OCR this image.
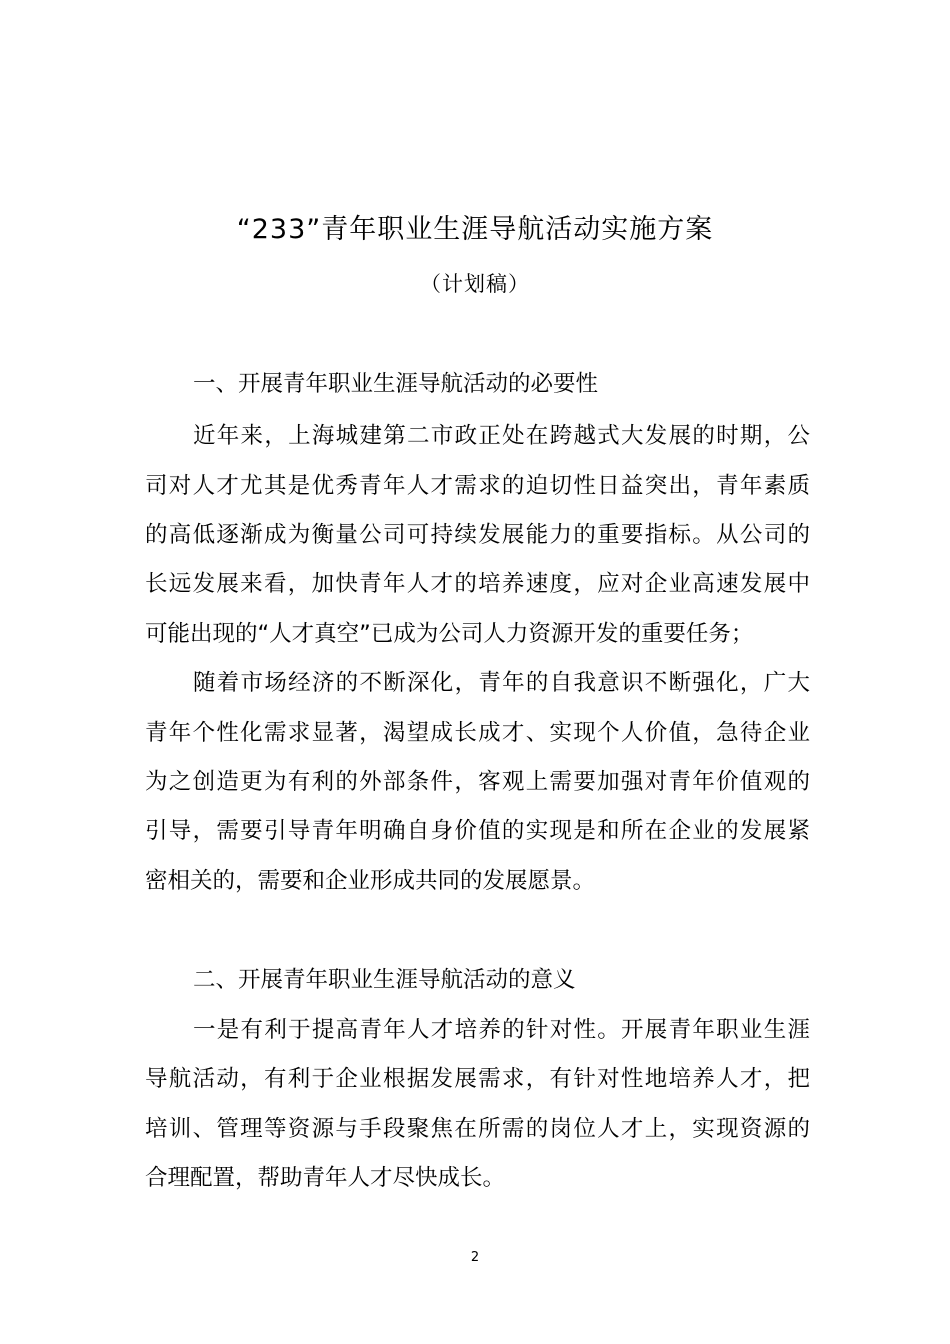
“233”青年职业生涯导航活动实施方案
（计划稿）
一、开展青年职业生涯导航活动的必要性
近年来，上海城建第二市政正处在跨越式大发展的时期，公
司对人才尤其是优秀青年人才需求的迫切性日益突出，青年素质
的高低逐渐成为衡量公司可持续发展能力的重要指标。从公司的
长远发展来看，加快青年人才的培养速度，应对企业高速发展中
可能出现的“人才真空”已成为公司人力资源开发的重要任务；
随着市场经济的不断深化，青年的自我意识不断强化，广大
青年个性化需求显著，渴望成长成才、实现个人价值，急待企业
为之创造更为有利的外部条件，客观上需要加强对青年价值观的
引导，需要引导青年明确自身价值的实现是和所在企业的发展紧
密相关的，需要和企业形成共同的发展愿景。
二、开展青年职业生涯导航活动的意义
一是有利于提高青年人才培养的针对性。开展青年职业生涯
导航活动，有利于企业根据发展需求，有针对性地培养人才，把
培训、管理等资源与手段聚焦在所需的岗位人才上，实现资源的
合理配置，帮助青年人才尽快成长。
2
